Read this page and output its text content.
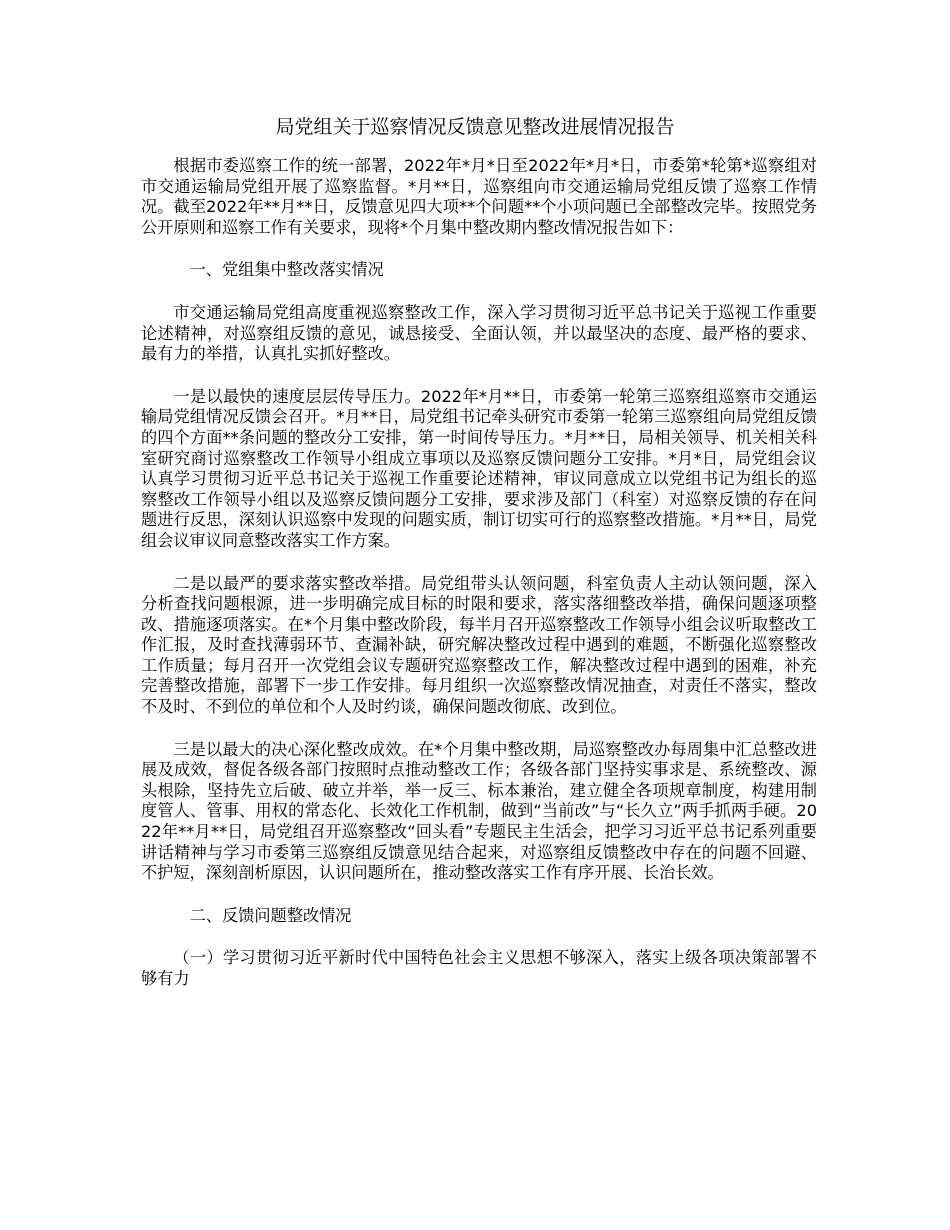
局党组关于巡察情况反馈意见整改进展情况报告

根据市委巡察工作的统一部署，2022年*月*日至2022年*月*日，市委第*轮第*巡察组对市交通运输局党组开展了巡察监督。*月**日，巡察组向市交通运输局党组反馈了巡察工作情况。截至2022年**月**日，反馈意见四大项**个问题**个小项问题已全部整改完毕。按照党务公开原则和巡察工作有关要求，现将*个月集中整改期内整改情况报告如下：

一、党组集中整改落实情况

市交通运输局党组高度重视巡察整改工作，深入学习贯彻习近平总书记关于巡视工作重要论述精神，对巡察组反馈的意见，诚恳接受、全面认领，并以最坚决的态度、最严格的要求、最有力的举措，认真扎实抓好整改。

一是以最快的速度层层传导压力。2022年*月**日，市委第一轮第三巡察组巡察市交通运输局党组情况反馈会召开。*月**日，局党组书记牵头研究市委第一轮第三巡察组向局党组反馈的四个方面**条问题的整改分工安排，第一时间传导压力。*月**日，局相关领导、机关相关科室研究商讨巡察整改工作领导小组成立事项以及巡察反馈问题分工安排。*月*日，局党组会议认真学习贯彻习近平总书记关于巡视工作重要论述精神，审议同意成立以党组书记为组长的巡察整改工作领导小组以及巡察反馈问题分工安排，要求涉及部门（科室）对巡察反馈的存在问题进行反思，深刻认识巡察中发现的问题实质，制订切实可行的巡察整改措施。*月**日，局党组会议审议同意整改落实工作方案。

二是以最严的要求落实整改举措。局党组带头认领问题，科室负责人主动认领问题，深入分析查找问题根源，进一步明确完成目标的时限和要求，落实落细整改举措，确保问题逐项整改、措施逐项落实。在*个月集中整改阶段，每半月召开巡察整改工作领导小组会议听取整改工作汇报，及时查找薄弱环节、查漏补缺，研究解决整改过程中遇到的难题，不断强化巡察整改工作质量；每月召开一次党组会议专题研究巡察整改工作，解决整改过程中遇到的困难，补充完善整改措施，部署下一步工作安排。每月组织一次巡察整改情况抽查，对责任不落实，整改不及时、不到位的单位和个人及时约谈，确保问题改彻底、改到位。

三是以最大的决心深化整改成效。在*个月集中整改期，局巡察整改办每周集中汇总整改进展及成效，督促各级各部门按照时点推动整改工作；各级各部门坚持实事求是、系统整改、源头根除，坚持先立后破、破立并举，举一反三、标本兼治，建立健全各项规章制度，构建用制度管人、管事、用权的常态化、长效化工作机制，做到“当前改”与“长久立”两手抓两手硬。2022年**月**日，局党组召开巡察整改“回头看”专题民主生活会，把学习习近平总书记系列重要讲话精神与学习市委第三巡察组反馈意见结合起来，对巡察组反馈整改中存在的问题不回避、不护短，深刻剖析原因，认识问题所在，推动整改落实工作有序开展、长治长效。

二、反馈问题整改情况

（一）学习贯彻习近平新时代中国特色社会主义思想不够深入，落实上级各项决策部署不够有力
